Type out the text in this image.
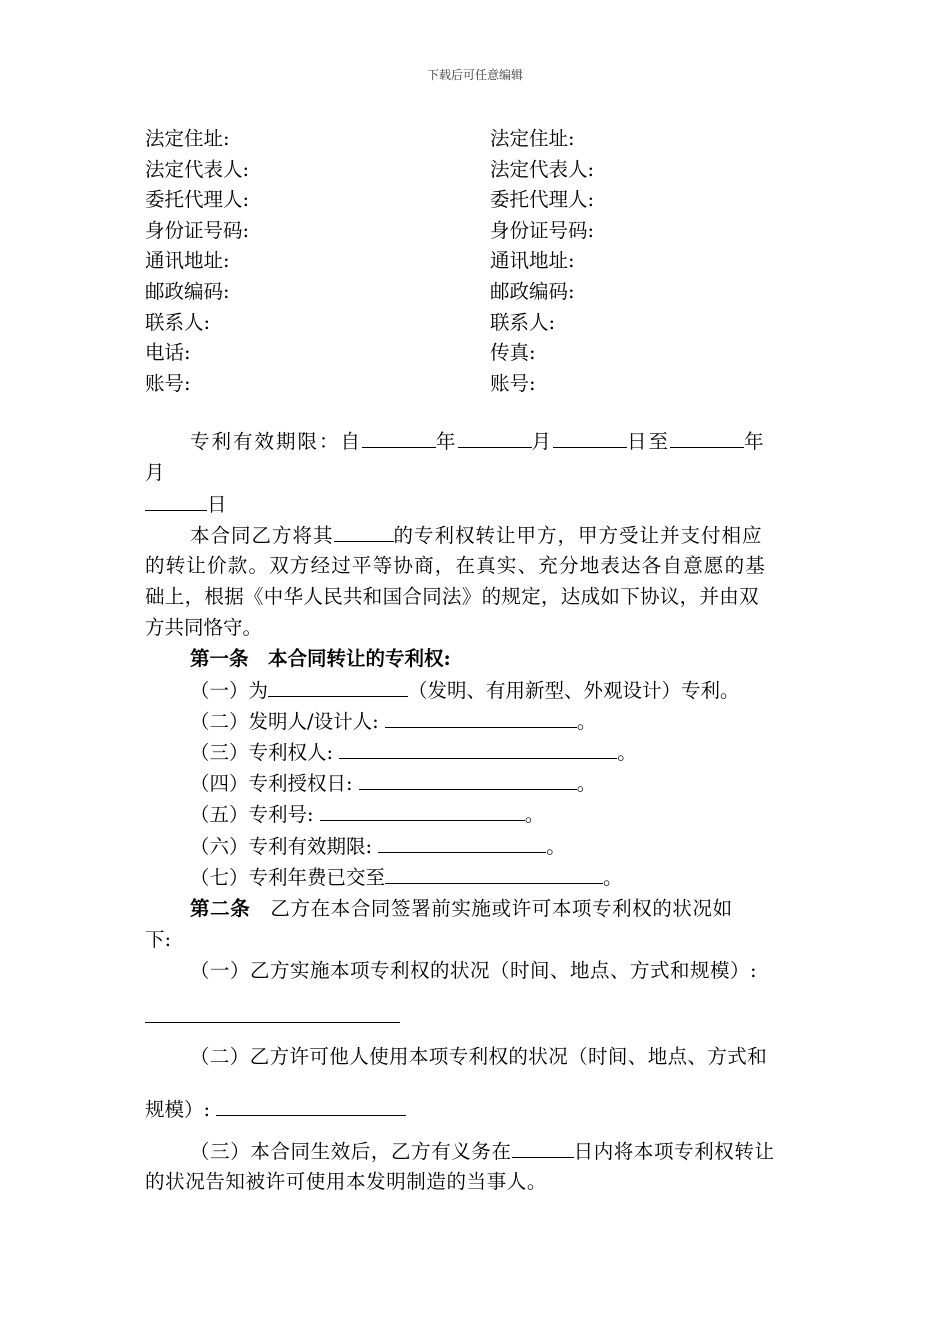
下载后可任意编辑
法定住址:	法定住址:
法定代表人:	法定代表人:
委托代理人:	委托代理人:
身份证号码:	身份证号码:
通讯地址:	通讯地址:
邮政编码:	邮政编码:
联系人:	联系人:
电话:	传真:
账号:	账号:
专利有效期限：自	年	月	日至	年
月
日
本合同乙方将其	的专利权转让甲方，甲方受让并支付相应
的转让价款。双方经过平等协商，在真实、充分地表达各自意愿的基
础上，根据《中华人民共和国合同法》的规定，达成如下协议，并由双
方共同恪守。
第一条　本合同转让的专利权:
（一）为	（发明、有用新型、外观设计）专利。
（二）发明人/设计人:	。
（三）专利权人:	。
（四）专利授权日:	。
（五）专利号:	。
（六）专利有效期限:	。
（七）专利年费已交至	。
第二条　 乙方在本合同签署前实施或许可本项专利权的状况如
下:
（一）乙方实施本项专利权的状况（时间、地点、方式和规模）:
（二）乙方许可他人使用本项专利权的状况（时间、地点、方式和
规模）:
（三）本合同生效后，乙方有义务在	日内将本项专利权转让
的状况告知被许可使用本发明制造的当事人。
